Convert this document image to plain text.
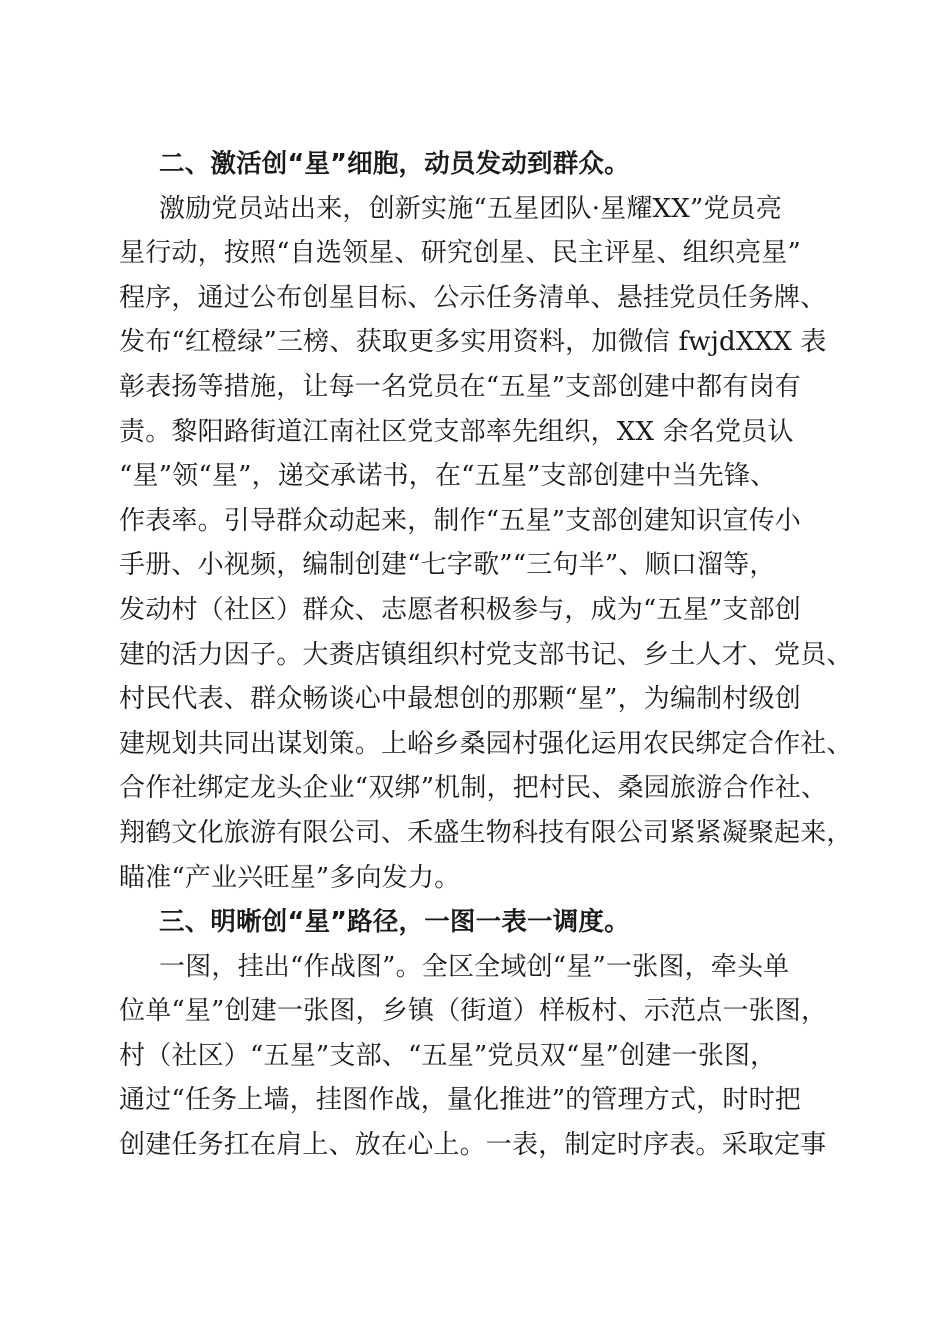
二、激活创“星”细胞，动员发动到群众。
激励党员站出来，创新实施“五星团队·星耀XX”党员亮
星行动，按照“自选领星、研究创星、民主评星、组织亮星”
程序，通过公布创星目标、公示任务清单、悬挂党员任务牌、
发布“红橙绿”三榜、获取更多实用资料，加微信 fwjdXXX 表
彰表扬等措施，让每一名党员在“五星”支部创建中都有岗有
责。黎阳路街道江南社区党支部率先组织，XX 余名党员认
“星”领“星”，递交承诺书，在“五星”支部创建中当先锋、
作表率。引导群众动起来，制作“五星”支部创建知识宣传小
手册、小视频，编制创建“七字歌”“三句半”、顺口溜等，
发动村（社区）群众、志愿者积极参与，成为“五星”支部创
建的活力因子。大赉店镇组织村党支部书记、乡土人才、党员、
村民代表、群众畅谈心中最想创的那颗“星”，为编制村级创
建规划共同出谋划策。上峪乡桑园村强化运用农民绑定合作社、
合作社绑定龙头企业“双绑”机制，把村民、桑园旅游合作社、
翔鹤文化旅游有限公司、禾盛生物科技有限公司紧紧凝聚起来，
瞄准“产业兴旺星”多向发力。
三、明晰创“星”路径，一图一表一调度。
一图，挂出“作战图”。全区全域创“星”一张图，牵头单
位单“星”创建一张图，乡镇（街道）样板村、示范点一张图，
村（社区）“五星”支部、“五星”党员双“星”创建一张图，
通过“任务上墙，挂图作战，量化推进”的管理方式，时时把
创建任务扛在肩上、放在心上。一表，制定时序表。采取定事
